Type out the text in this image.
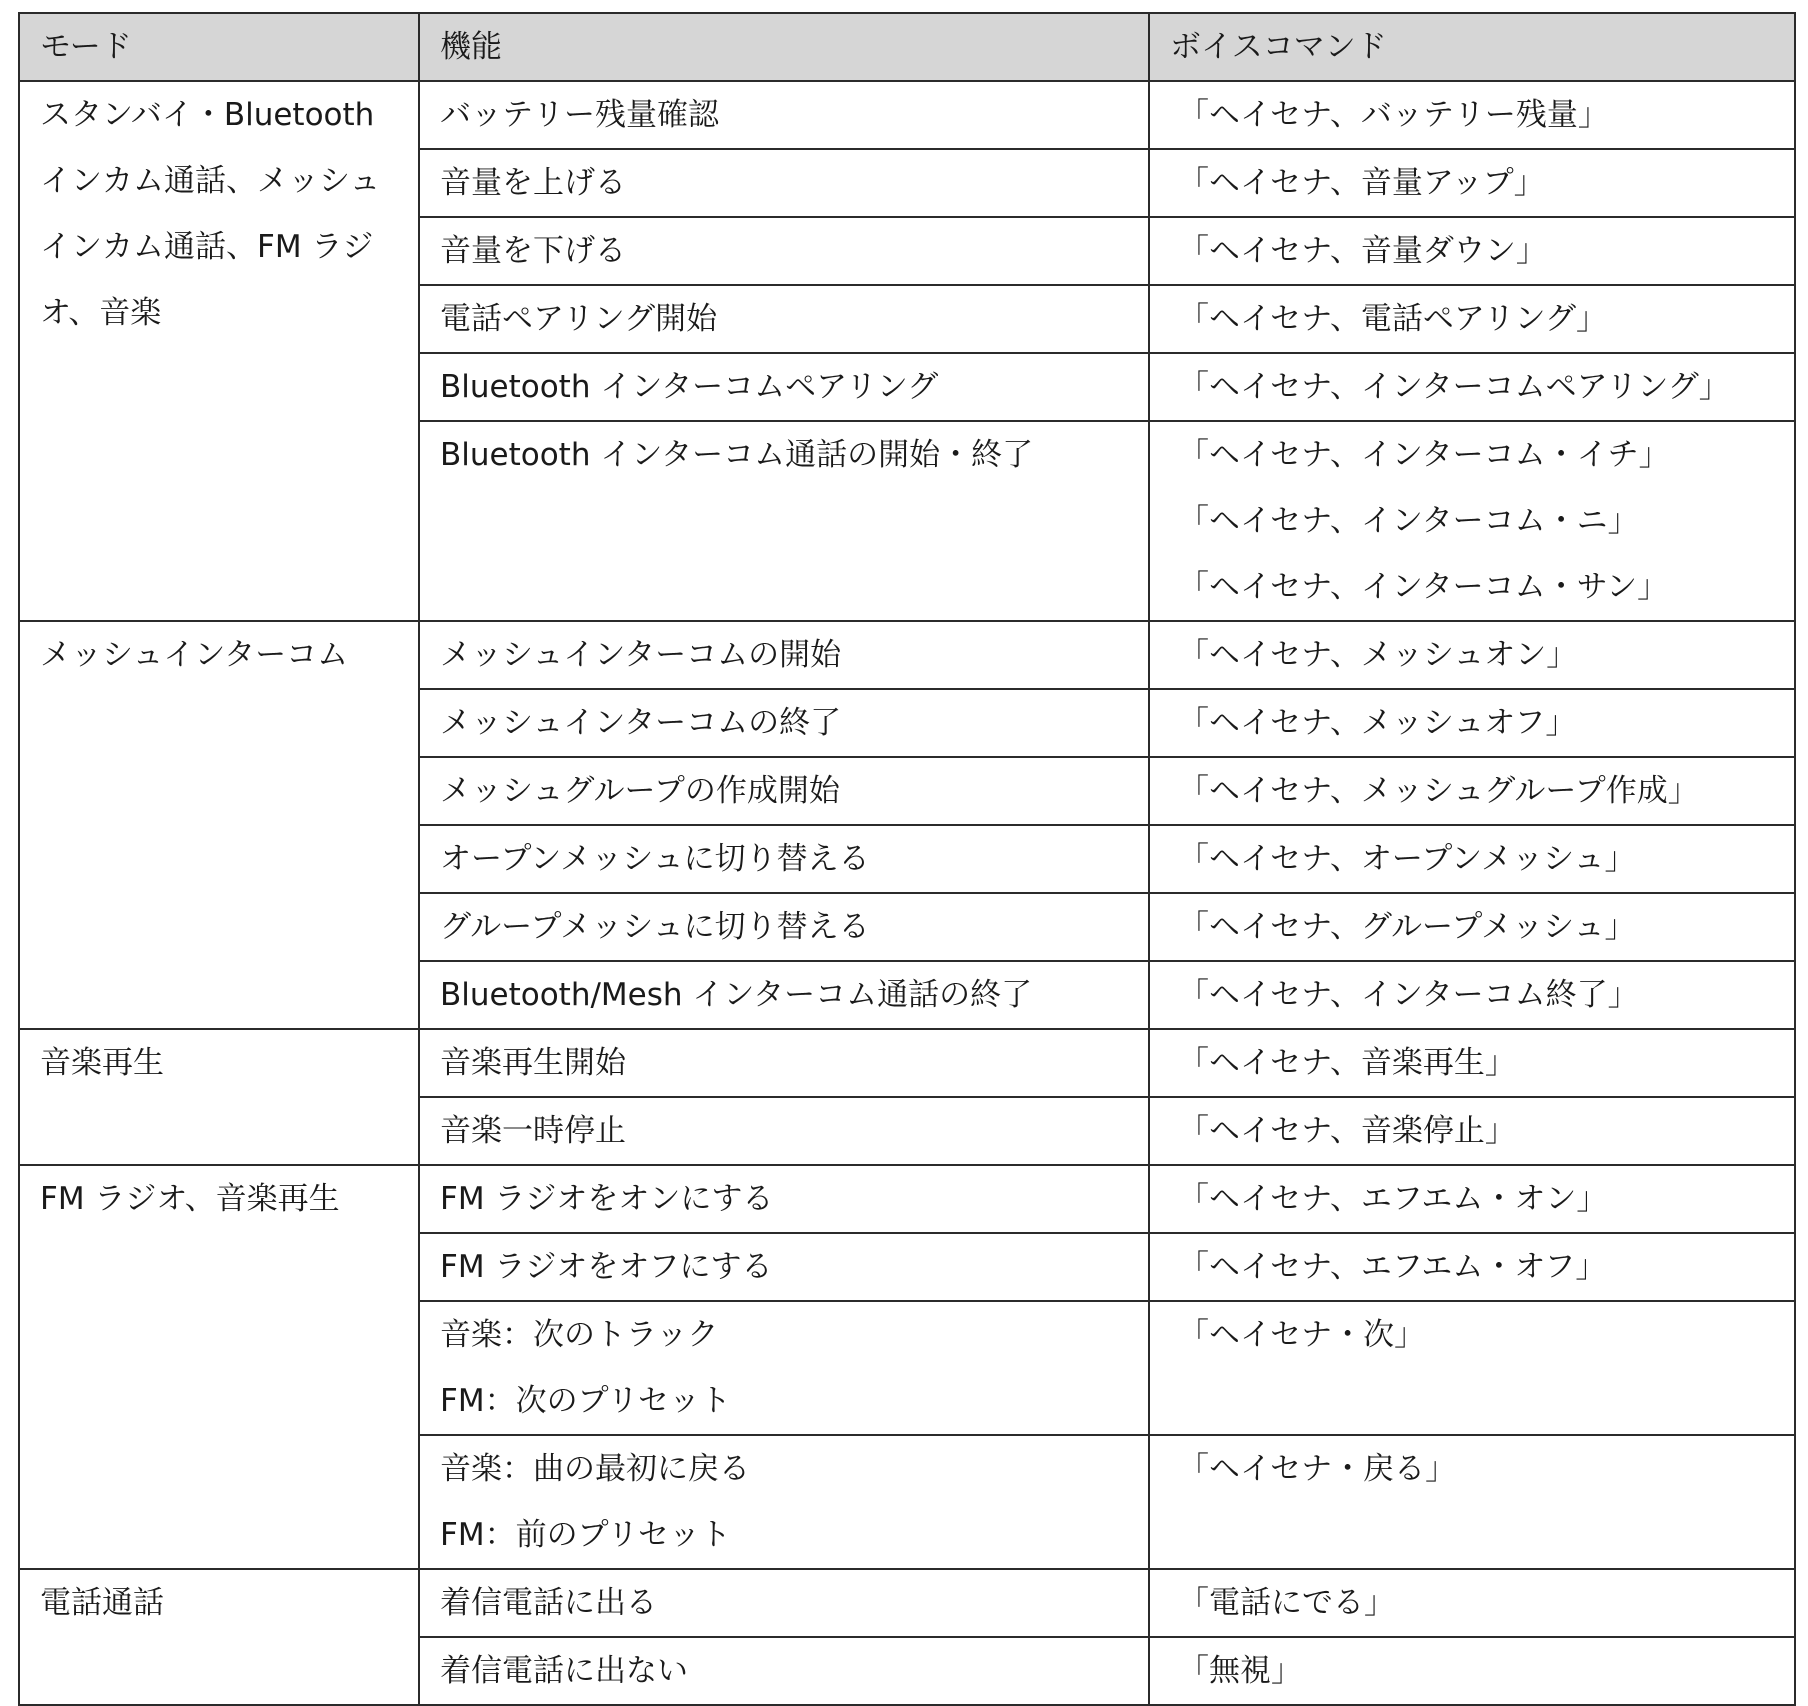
モード	機能	ボイスコマンド

スタンバイ・Bluetooth
インカム通話、メッシュ
インカム通話、FM ラジ
オ、音楽	バッテリー残量確認	「ヘイセナ、バッテリー残量」

	音量を上げる	「ヘイセナ、音量アップ」

	音量を下げる	「ヘイセナ、音量ダウン」

	電話ペアリング開始	「ヘイセナ、電話ペアリング」

	Bluetooth インターコムペアリング	「ヘイセナ、インターコムペアリング」

	Bluetooth インターコム通話の開始・終了	「ヘイセナ、インターコム・イチ」
「ヘイセナ、インターコム・ニ」
「ヘイセナ、インターコム・サン」

メッシュインターコム	メッシュインターコムの開始	「ヘイセナ、メッシュオン」

	メッシュインターコムの終了	「ヘイセナ、メッシュオフ」

	メッシュグループの作成開始	「ヘイセナ、メッシュグループ作成」

	オープンメッシュに切り替える	「ヘイセナ、オープンメッシュ」

	グループメッシュに切り替える	「ヘイセナ、グループメッシュ」

	Bluetooth/Mesh インターコム通話の終了	「ヘイセナ、インターコム終了」

音楽再生	音楽再生開始	「ヘイセナ、音楽再生」

	音楽一時停止	「ヘイセナ、音楽停止」

FM ラジオ、音楽再生	FM ラジオをオンにする	「ヘイセナ、エフエム・オン」

	FM ラジオをオフにする	「ヘイセナ、エフエム・オフ」

	音楽：次のトラック
FM：次のプリセット	「ヘイセナ・次」

	音楽：曲の最初に戻る
FM：前のプリセット	「ヘイセナ・戻る」

電話通話	着信電話に出る	「電話にでる」

	着信電話に出ない	「無視」
